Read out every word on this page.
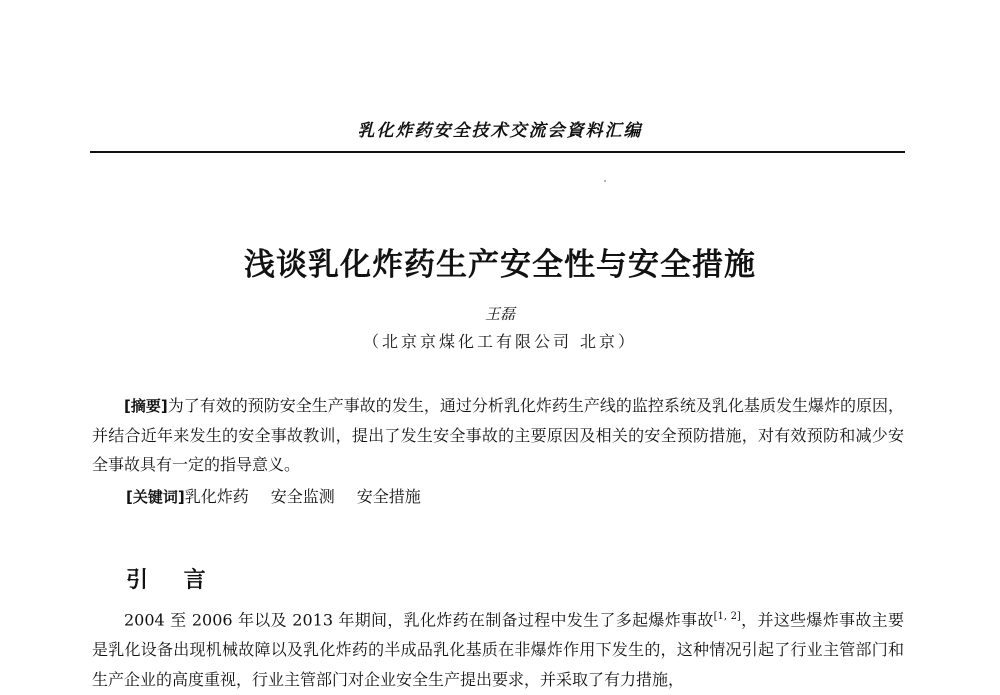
乳化炸药安全技术交流会資料汇编
浅谈乳化炸药生产安全性与安全措施
王磊
（北京京煤化工有限公司 北京）

[摘要]为了有效的预防安全生产事故的发生，通过分析乳化炸药生产线的监控系统及乳化基质发生爆炸的原因，并结合近年来发生的安全事故教训，提出了发生安全事故的主要原因及相关的安全预防措施，对有效预防和减少安全事故具有一定的指导意义。

[关键词]乳化炸药 安全监测 安全措施

引 言

2004 至 2006 年以及 2013 年期间，乳化炸药在制备过程中发生了多起爆炸事故[1, 2]，并这些爆炸事故主要是乳化设备出现机械故障以及乳化炸药的半成品乳化基质在非爆炸作用下发生的，这种情况引起了行业主管部门和生产企业的高度重视，行业主管部门对企业安全生产提出要求，并采取了有力措施，
